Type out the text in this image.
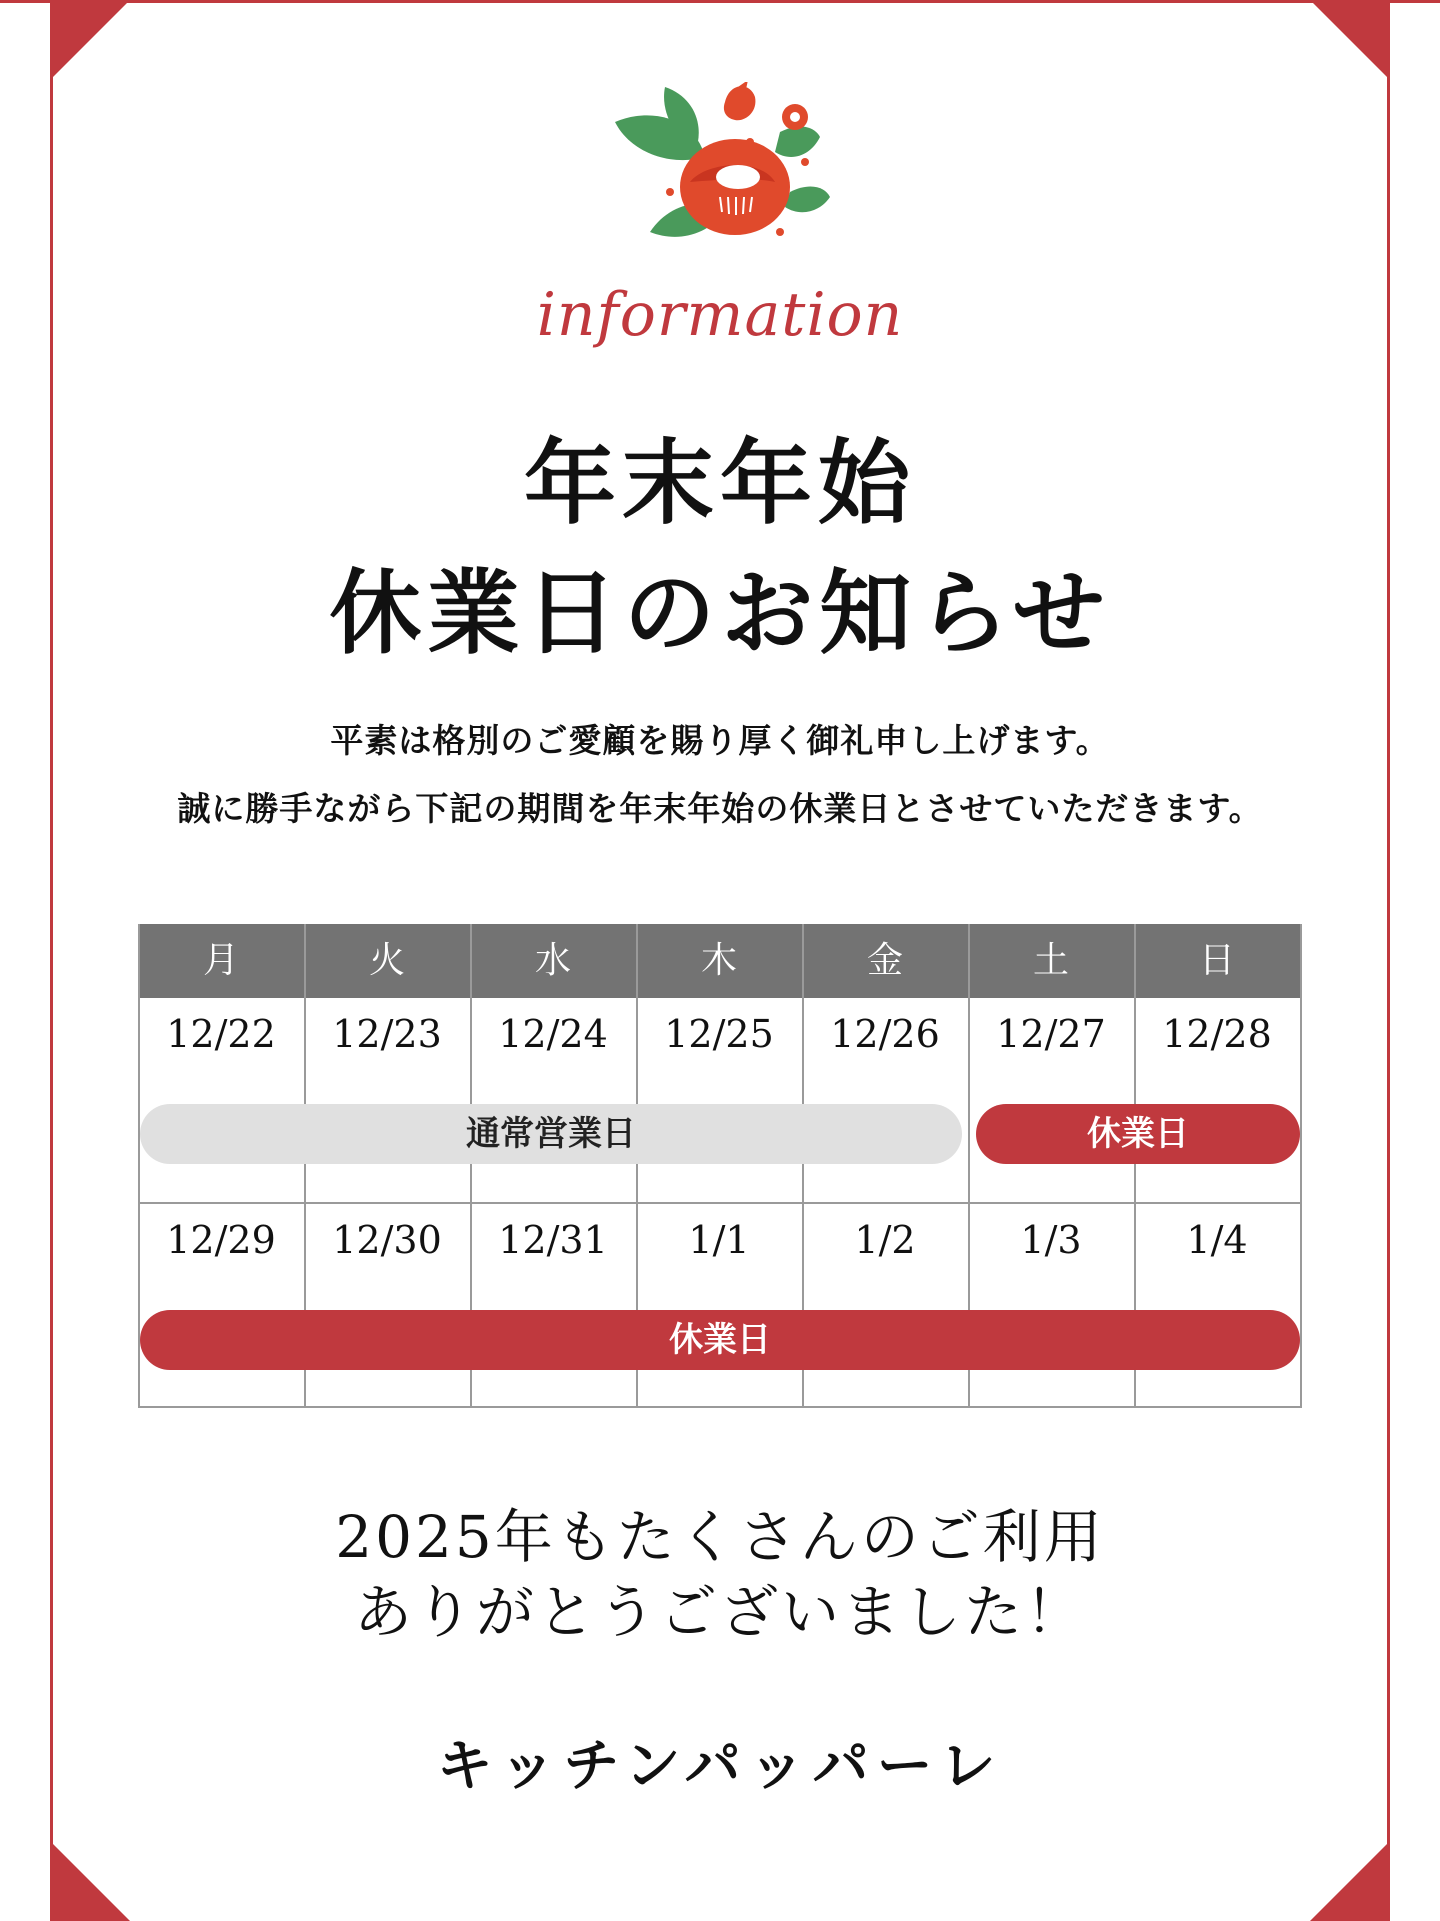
information
年末年始
休業日のお知らせ
平素は格別のご愛顧を賜り厚く御礼申し上げます。
誠に勝手ながら下記の期間を年末年始の休業日とさせていただきます。
月	火	水	木	金	土	日
12/22	12/23	12/24	12/25	12/26	12/27	12/28
通常営業日	休業日
12/29	12/30	12/31	1/1	1/2	1/3	1/4
休業日
2025年もたくさんのご利用
ありがとうございました！
キッチンパッパーレ
